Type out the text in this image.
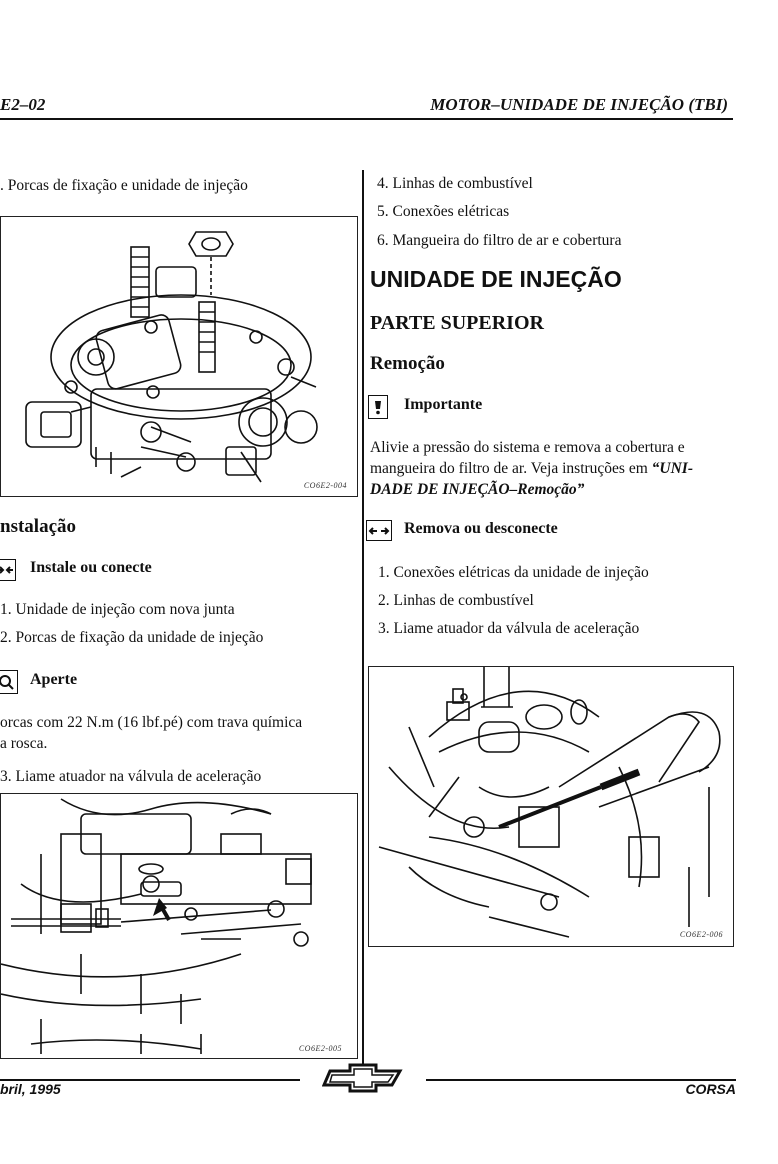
E2–02	MOTOR–UNIDADE DE INJEÇÃO (TBI)
. Porcas de fixação e unidade de injeção
CO6E2-004
nstalação
Instale ou conecte
1. Unidade de injeção com nova junta
2. Porcas de fixação da unidade de injeção
Aperte
orcas com 22 N.m (16 lbf.pé) com trava química
a rosca.
3. Liame atuador na válvula de aceleração
CO6E2-005
4. Linhas de combustível
5. Conexões elétricas
6. Mangueira do filtro de ar e cobertura
UNIDADE DE INJEÇÃO
PARTE SUPERIOR
Remoção
Importante
Alivie a pressão do sistema e remova a cobertura e
mangueira do filtro de ar. Veja instruções em “UNI-
DADE DE INJEÇÃO–Remoção”
Remova ou desconecte
1. Conexões elétricas da unidade de injeção
2. Linhas de combustível
3. Liame atuador da válvula de aceleração
CO6E2-006
bril, 1995	CORSA
